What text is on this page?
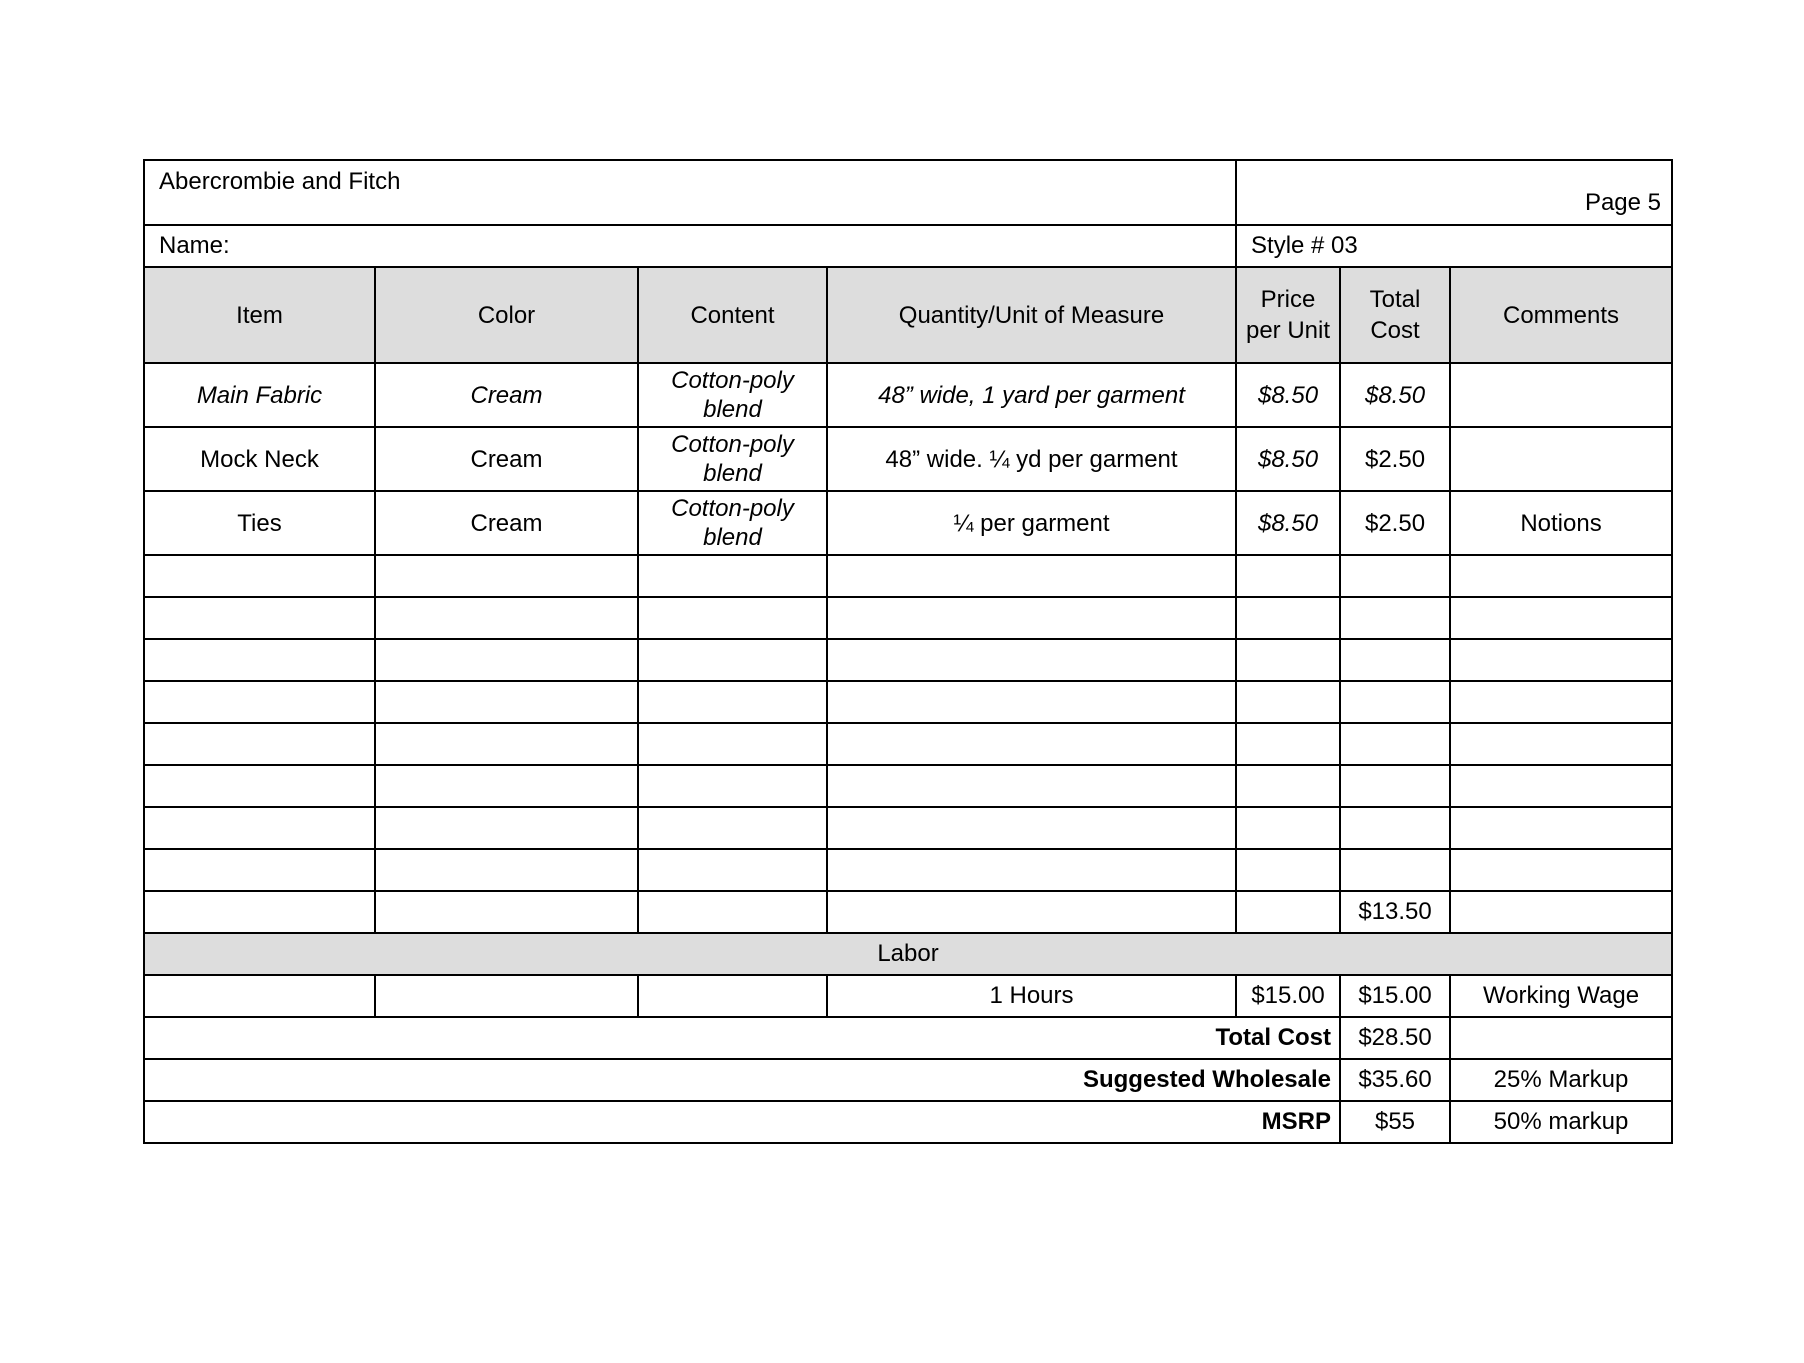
Abercrombie and Fitch				Page 5		
Name:				Style # 03		
Item	Color	Content	Quantity/Unit of Measure	Price per Unit	Total Cost	Comments
Main Fabric	Cream	Cotton-poly blend	48” wide, 1 yard per garment	$8.50	$8.50	
Mock Neck	Cream	Cotton-poly blend	48” wide. ¼ yd per garment	$8.50	$2.50	
Ties	Cream	Cotton-poly blend	¼ per garment	$8.50	$2.50	Notions

					$13.50	
Labor						
			1 Hours	$15.00	$15.00	Working Wage
Total Cost					$28.50	
Suggested Wholesale					$35.60	25% Markup
MSRP					$55	50% markup
